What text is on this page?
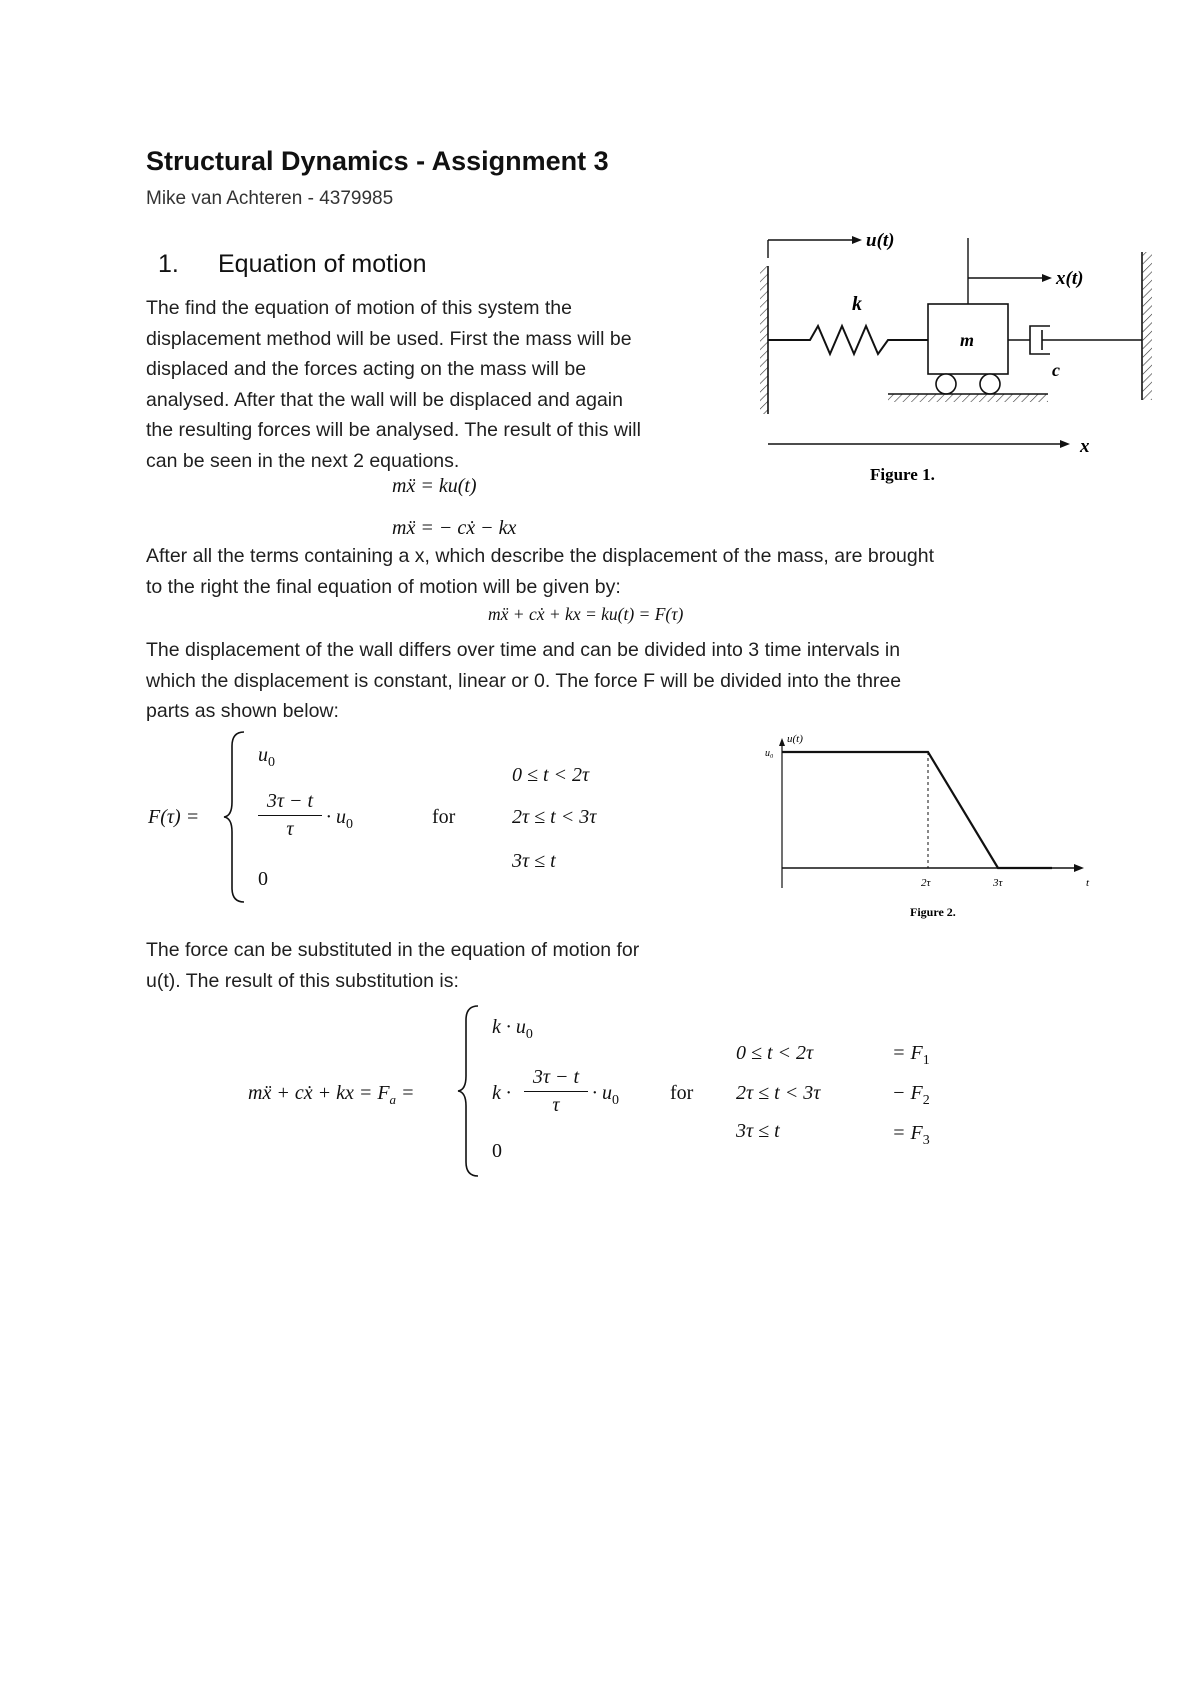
Structural Dynamics - Assignment 3
Mike van Achteren - 4379985
1. Equation of motion
The find the equation of motion of this system the
displacement method will be used. First the mass will be
displaced and the forces acting on the mass will be
analysed. After that the wall will be displaced and again
the resulting forces will be analysed. The result of this will
can be seen in the next 2 equations.
mẍ = ku(t)
mẍ = − cẋ − kx
After all the terms containing a x, which describe the displacement of the mass, are brought
to the right the final equation of motion will be given by:
mẍ + cẋ + kx = ku(t) = F(τ)
The displacement of the wall differs over time and can be divided into 3 time intervals in
which the displacement is constant, linear or 0. The force F will be divided into the three
parts as shown below:
F(τ) =
$u_0$
$\frac{3\tau - t}{\tau} \cdot u_0$
0
for
0 ≤ t < 2τ
2τ ≤ t < 3τ
3τ ≤ t
The force can be substituted in the equation of motion for
u(t). The result of this substitution is:
mẍ + cẋ + kx = $F_a$ =
$k \cdot u_0$
$k \cdot \frac{3\tau - t}{\tau} \cdot u_0$
0
for
0 ≤ t < 2τ
2τ ≤ t < 3τ
3τ ≤ t
= $F_1$
− $F_2$
= $F_3$
u(t)
k
m
x(t)
c
x
Figure 1.
u(t)
u₀
2τ	3τ	t
Figure 2.
